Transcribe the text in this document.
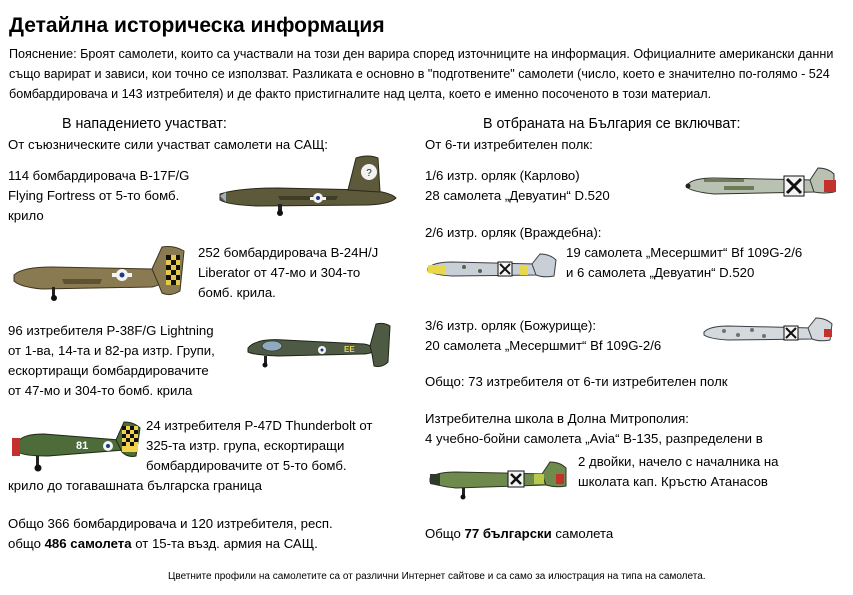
Детайлна историческа информация
Пояснение: Броят самолети, които са участвали на този ден варира според източниците на информация. Официалните американски данни също варират и зависи, кои точно се използват. Разликата е основно в "подготвените" самолети (число, което е значително по-голямо - 524 бомбардировача и 143 изтребителя) и де факто пристигналите над целта, което е именно посоченото в този материал.
В нападението участват:	В отбраната на България се включват:
От съюзническите сили участват самолети на САЩ:
114 бомбардировача B-17F/G
Flying Fortress от 5-то бомб.
крило
252 бомбардировача B-24H/J
Liberator от 47-мо и 304-то
бомб. крила.
96 изтребителя P-38F/G Lightning
от 1-ва, 14-та и 82-ра изтр. Групи,
ескортиращи бомбардировачите
от 47-мо и 304-то бомб. крила
24 изтребителя P-47D Thunderbolt от
325-та изтр. група, ескортиращи
бомбардировачите от 5-то бомб.
крило до тогавашната българска граница
Общо 366 бомбардировача и 120 изтребителя, респ.
общо 486 самолета от 15-та възд. армия на САЩ.
От 6-ти изтребителен полк:
1/6 изтр. орляк (Карлово)
28 самолета „Девуатин“ D.520
2/6 изтр. орляк (Враждебна):
19 самолета „Месершмит“ Bf 109G-2/6
и 6 самолета „Девуатин“ D.520
3/6 изтр. орляк (Божурище):
20 самолета „Месершмит“ Bf 109G-2/6
Общо: 73 изтребителя от 6-ти изтребителен полк
Изтребителна школа в Долна Митрополия:
4 учебно-бойни самолета „Avia“ B-135, разпределени в
2 двойки, начело с началника на
школата кап. Кръстю Атанасов
Общо 77 български самолета
Цветните профили на самолетите са от различни Интернет сайтове и са само за илюстрация на типа на самолета.
?
EE
81
